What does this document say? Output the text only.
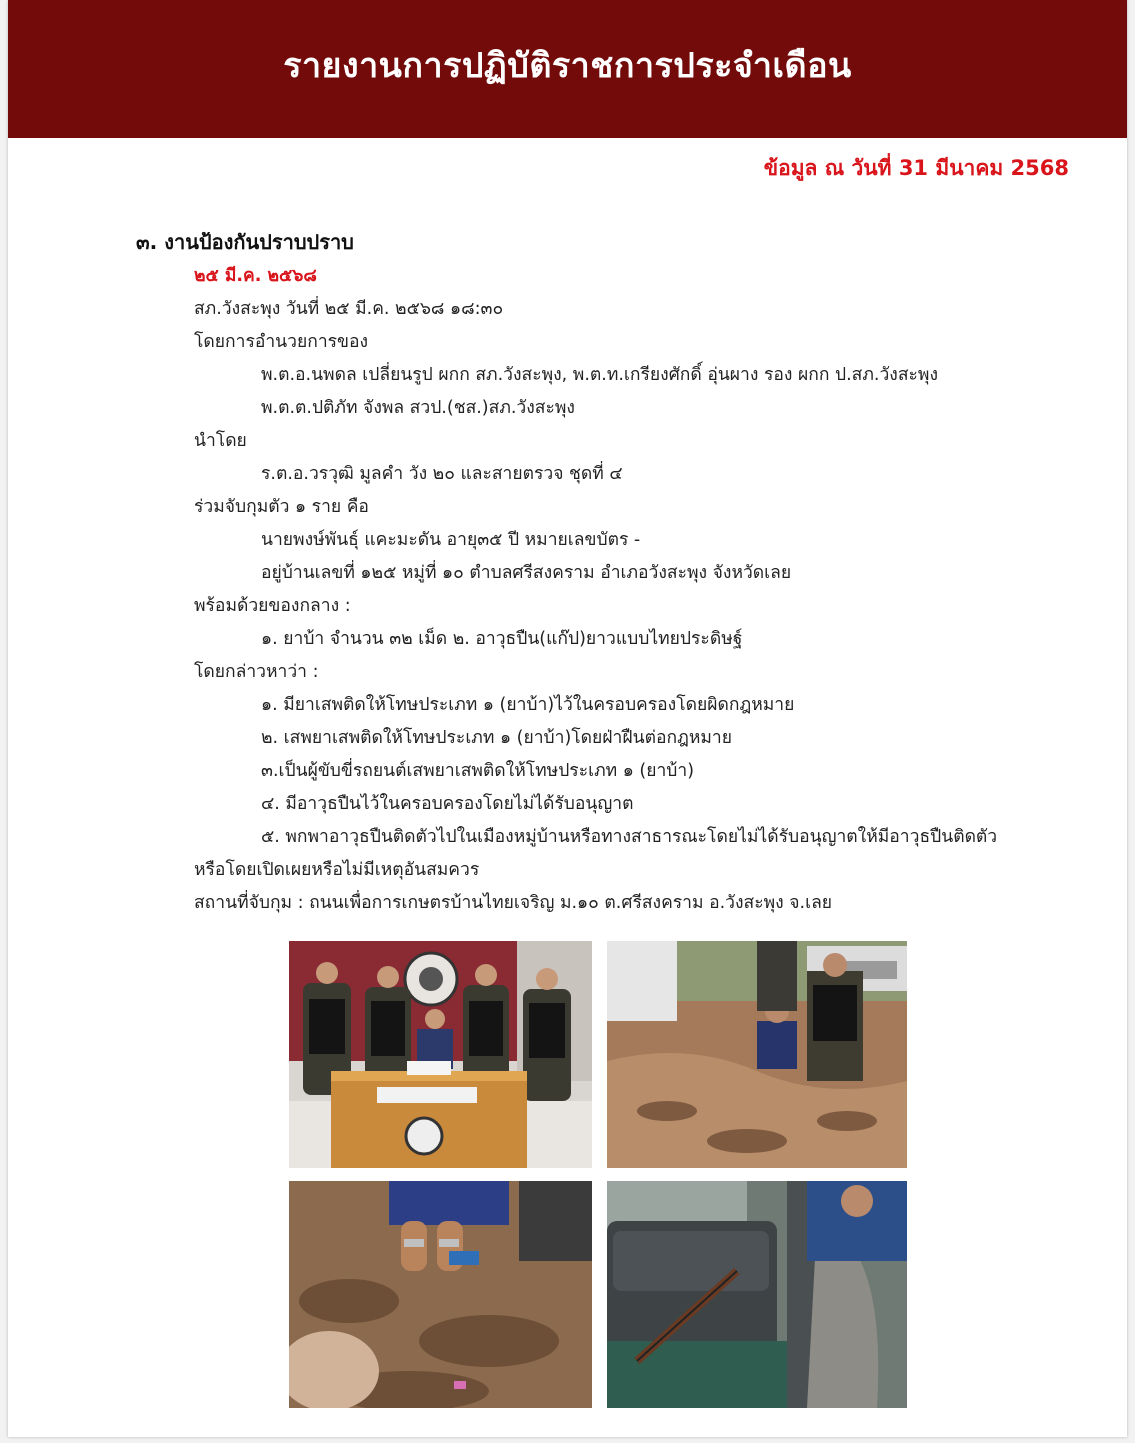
รายงานการปฏิบัติราชการประจำเดือน
ข้อมูล ณ วันที่ 31 มีนาคม 2568
๓. งานป้องกันปราบปราบ
๒๕ มี.ค. ๒๕๖๘
สภ.วังสะพุง วันที่ ๒๕ มี.ค. ๒๕๖๘ ๑๘:๓๐
โดยการอำนวยการของ
พ.ต.อ.นพดล เปลี่ยนรูป ผกก สภ.วังสะพุง, พ.ต.ท.เกรียงศักดิ์ อุ่นผาง รอง ผกก ป.สภ.วังสะพุง
พ.ต.ต.ปติภัท จังพล สวป.(ชส.)สภ.วังสะพุง
นำโดย
ร.ต.อ.วรวุฒิ มูลคำ วัง ๒๐ และสายตรวจ ชุดที่ ๔
ร่วมจับกุมตัว ๑ ราย คือ
นายพงษ์พันธุ์ แคะมะดัน อายุ๓๕ ปี หมายเลขบัตร -
อยู่บ้านเลขที่ ๑๒๕ หมู่ที่ ๑๐ ตำบลศรีสงคราม อำเภอวังสะพุง จังหวัดเลย
พร้อมด้วยของกลาง :
๑. ยาบ้า จำนวน ๓๒ เม็ด ๒. อาวุธปืน(แก๊ป)ยาวแบบไทยประดิษฐ์
โดยกล่าวหาว่า :
๑. มียาเสพติดให้โทษประเภท ๑ (ยาบ้า)ไว้ในครอบครองโดยผิดกฎหมาย
๒. เสพยาเสพติดให้โทษประเภท ๑ (ยาบ้า)โดยฝ่าฝืนต่อกฎหมาย
๓.เป็นผู้ขับขี่รถยนต์เสพยาเสพติดให้โทษประเภท ๑ (ยาบ้า)
๔. มีอาวุธปืนไว้ในครอบครองโดยไม่ได้รับอนุญาต
๕. พกพาอาวุธปืนติดตัวไปในเมืองหมู่บ้านหรือทางสาธารณะโดยไม่ได้รับอนุญาตให้มีอาวุธปืนติดตัว
หรือโดยเปิดเผยหรือไม่มีเหตุอันสมควร
สถานที่จับกุม : ถนนเพื่อการเกษตรบ้านไทยเจริญ ม.๑๐ ต.ศรีสงคราม อ.วังสะพุง จ.เลย
